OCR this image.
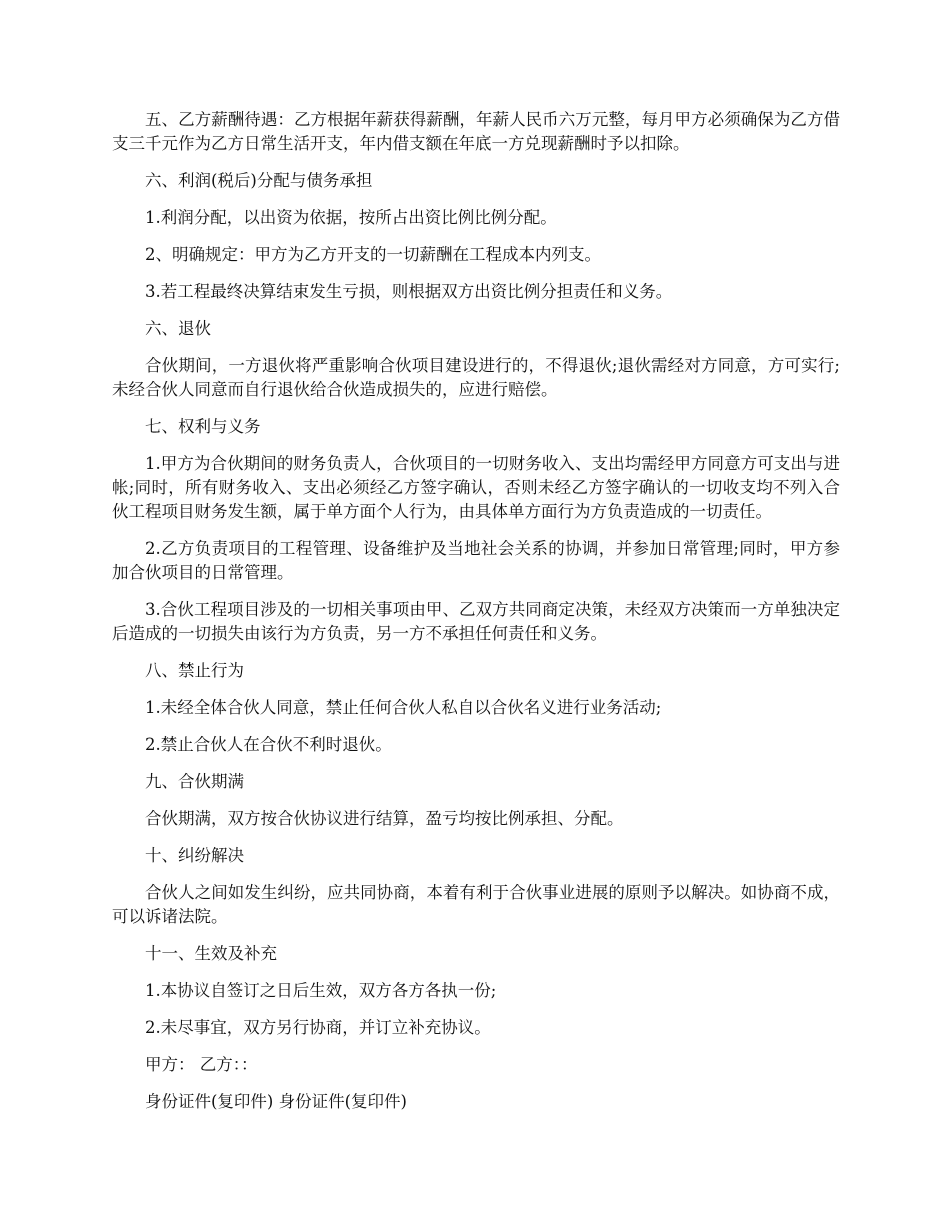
五、乙方薪酬待遇：乙方根据年薪获得薪酬，年薪人民币六万元整，每月甲方必须确保为乙方借支三千元作为乙方日常生活开支，年内借支额在年底一方兑现薪酬时予以扣除。

六、利润(税后)分配与债务承担

1.利润分配，以出资为依据，按所占出资比例比例分配。

2、明确规定：甲方为乙方开支的一切薪酬在工程成本内列支。

3.若工程最终决算结束发生亏损，则根据双方出资比例分担责任和义务。

六、退伙

合伙期间，一方退伙将严重影响合伙项目建设进行的，不得退伙;退伙需经对方同意，方可实行;未经合伙人同意而自行退伙给合伙造成损失的，应进行赔偿。

七、权利与义务

1.甲方为合伙期间的财务负责人，合伙项目的一切财务收入、支出均需经甲方同意方可支出与进帐;同时，所有财务收入、支出必须经乙方签字确认，否则未经乙方签字确认的一切收支均不列入合伙工程项目财务发生额，属于单方面个人行为，由具体单方面行为方负责造成的一切责任。

2.乙方负责项目的工程管理、设备维护及当地社会关系的协调，并参加日常管理;同时，甲方参加合伙项目的日常管理。

3.合伙工程项目涉及的一切相关事项由甲、乙双方共同商定决策，未经双方决策而一方单独决定后造成的一切损失由该行为方负责，另一方不承担任何责任和义务。

八、禁止行为

1.未经全体合伙人同意，禁止任何合伙人私自以合伙名义进行业务活动;

2.禁止合伙人在合伙不利时退伙。

九、合伙期满

合伙期满，双方按合伙协议进行结算，盈亏均按比例承担、分配。

十、纠纷解决

合伙人之间如发生纠纷，应共同协商，本着有利于合伙事业进展的原则予以解决。如协商不成，可以诉诸法院。

十一、生效及补充

1.本协议自签订之日后生效，双方各方各执一份;

2.未尽事宜，双方另行协商，并订立补充协议。

甲方： 乙方：：

身份证件(复印件) 身份证件(复印件)
